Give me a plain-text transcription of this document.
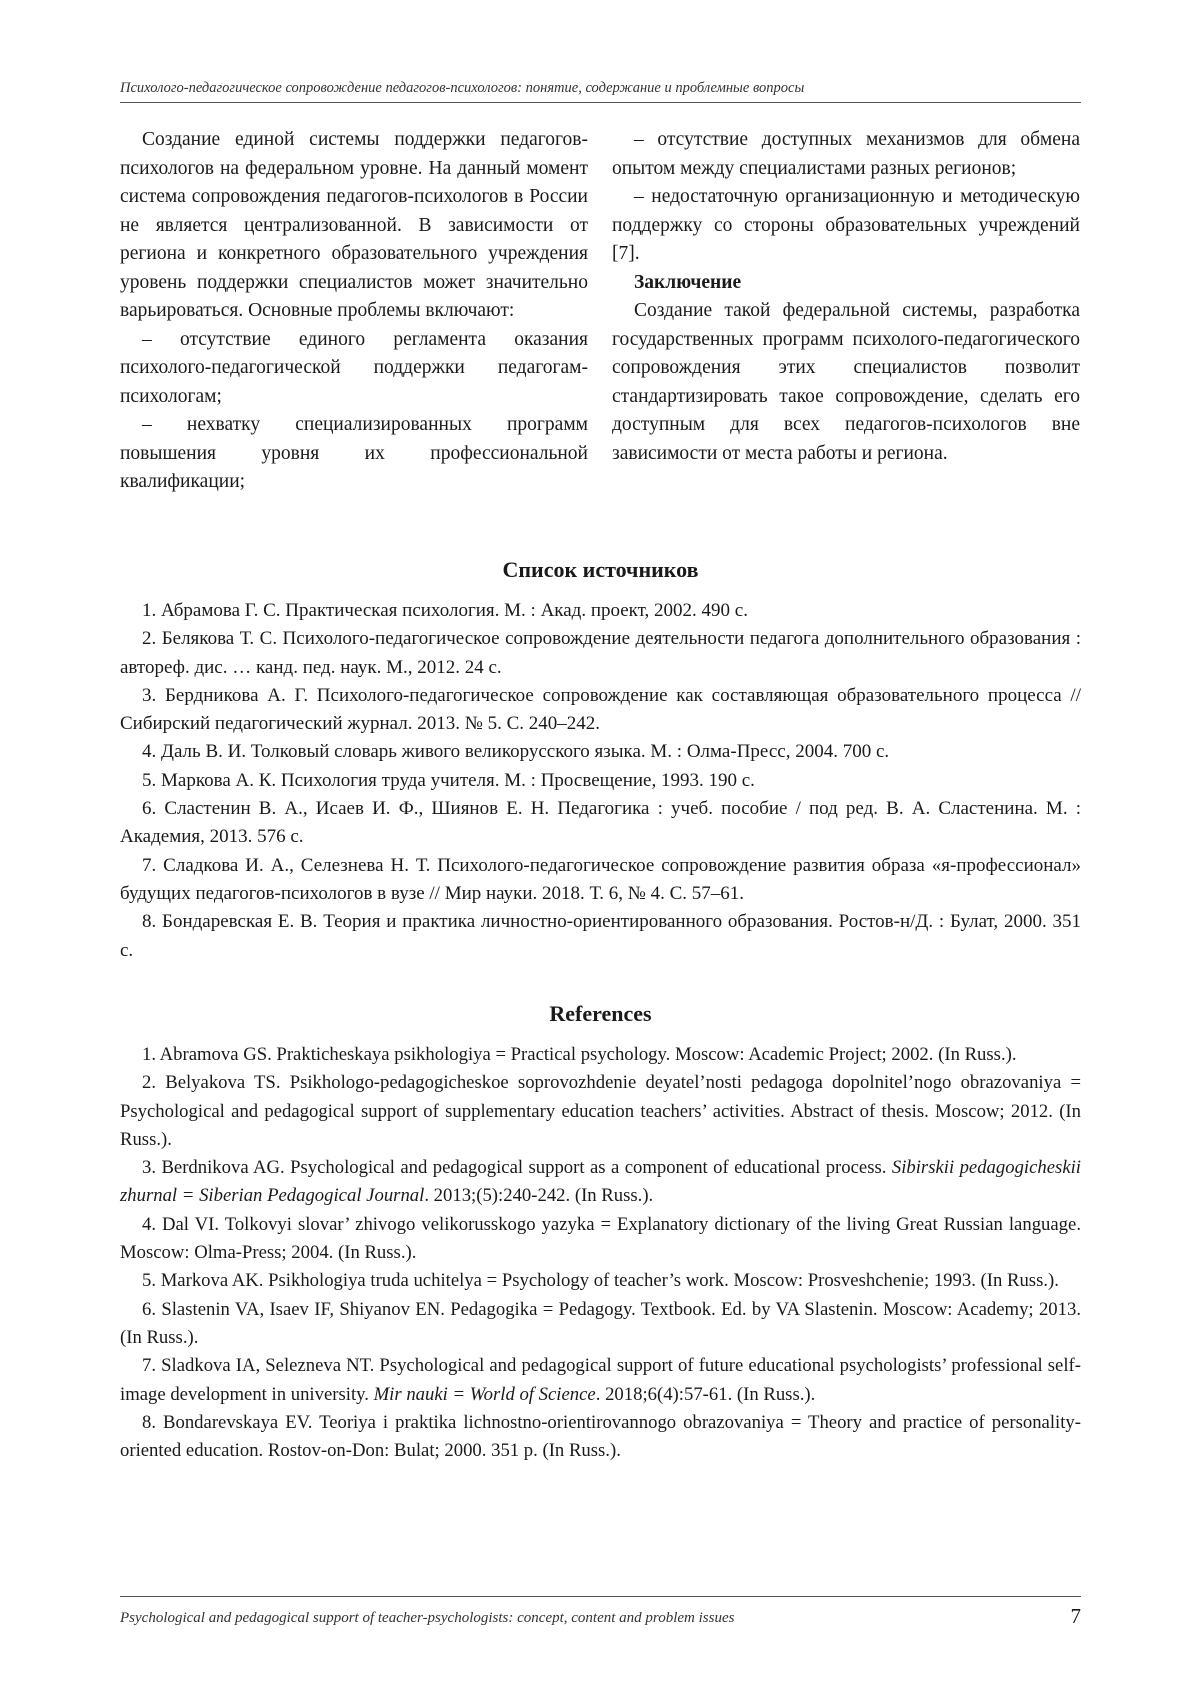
Психолого-педагогическое сопровождение педагогов-психологов: понятие, содержание и проблемные вопросы

Создание единой системы поддержки педагогов-психологов на федеральном уровне. На данный момент система сопровождения педагогов-психологов в России не является централизованной. В зависимости от региона и конкретного образовательного учреждения уровень поддержки специалистов может значительно варьироваться. Основные проблемы включают:

– отсутствие единого регламента оказания психолого-педагогической поддержки педагогам-психологам;

– нехватку специализированных программ повышения уровня их профессиональной квалификации;

– отсутствие доступных механизмов для обмена опытом между специалистами разных регионов;

– недостаточную организационную и методическую поддержку со стороны образовательных учреждений [7].

Заключение

Создание такой федеральной системы, разработка государственных программ психолого-педагогического сопровождения этих специалистов позволит стандартизировать такое сопровождение, сделать его доступным для всех педагогов-психологов вне зависимости от места работы и региона.

Список источников

1. Абрамова Г. С. Практическая психология. М. : Акад. проект, 2002. 490 с.

2. Белякова Т. С. Психолого-педагогическое сопровождение деятельности педагога дополнительного образования : автореф. дис. … канд. пед. наук. М., 2012. 24 с.

3. Бердникова А. Г. Психолого-педагогическое сопровождение как составляющая образовательного процесса // Сибирский педагогический журнал. 2013. № 5. С. 240–242.

4. Даль В. И. Толковый словарь живого великорусского языка. М. : Олма-Пресс, 2004. 700 с.

5. Маркова А. К. Психология труда учителя. М. : Просвещение, 1993. 190 с.

6. Сластенин В. А., Исаев И. Ф., Шиянов Е. Н. Педагогика : учеб. пособие / под ред. В. А. Сластенина. М. : Академия, 2013. 576 с.

7. Сладкова И. А., Селезнева Н. Т. Психолого-педагогическое сопровождение развития образа «я-профессионал» будущих педагогов-психологов в вузе // Мир науки. 2018. Т. 6, № 4. С. 57–61.

8. Бондаревская Е. В. Теория и практика личностно-ориентированного образования. Ростов-н/Д. : Булат, 2000. 351 с.

References

1. Abramova GS. Prakticheskaya psikhologiya = Practical psychology. Moscow: Academic Project; 2002. (In Russ.).

2. Belyakova TS. Psikhologo-pedagogicheskoe soprovozhdenie deyatel’nosti pedagoga dopolnitel’nogo obrazovaniya = Psychological and pedagogical support of supplementary education teachers’ activities. Abstract of thesis. Moscow; 2012. (In Russ.).

3. Berdnikova AG. Psychological and pedagogical support as a component of educational process. Sibirskii pedagogicheskii zhurnal = Siberian Pedagogical Journal. 2013;(5):240-242. (In Russ.).

4. Dal VI. Tolkovyi slovar’ zhivogo velikorusskogo yazyka = Explanatory dictionary of the living Great Russian language. Moscow: Olma-Press; 2004. (In Russ.).

5. Markova AK. Psikhologiya truda uchitelya = Psychology of teacher’s work. Moscow: Prosveshchenie; 1993. (In Russ.).

6. Slastenin VA, Isaev IF, Shiyanov EN. Pedagogika = Pedagogy. Textbook. Ed. by VA Slastenin. Moscow: Academy; 2013. (In Russ.).

7. Sladkova IA, Selezneva NT. Psychological and pedagogical support of future educational psychologists’ professional self-image development in university. Mir nauki = World of Science. 2018;6(4):57-61. (In Russ.).

8. Bondarevskaya EV. Teoriya i praktika lichnostno-orientirovannogo obrazovaniya = Theory and practice of personality-oriented education. Rostov-on-Don: Bulat; 2000. 351 p. (In Russ.).

Psychological and pedagogical support of teacher-psychologists: concept, content and problem issues	7
